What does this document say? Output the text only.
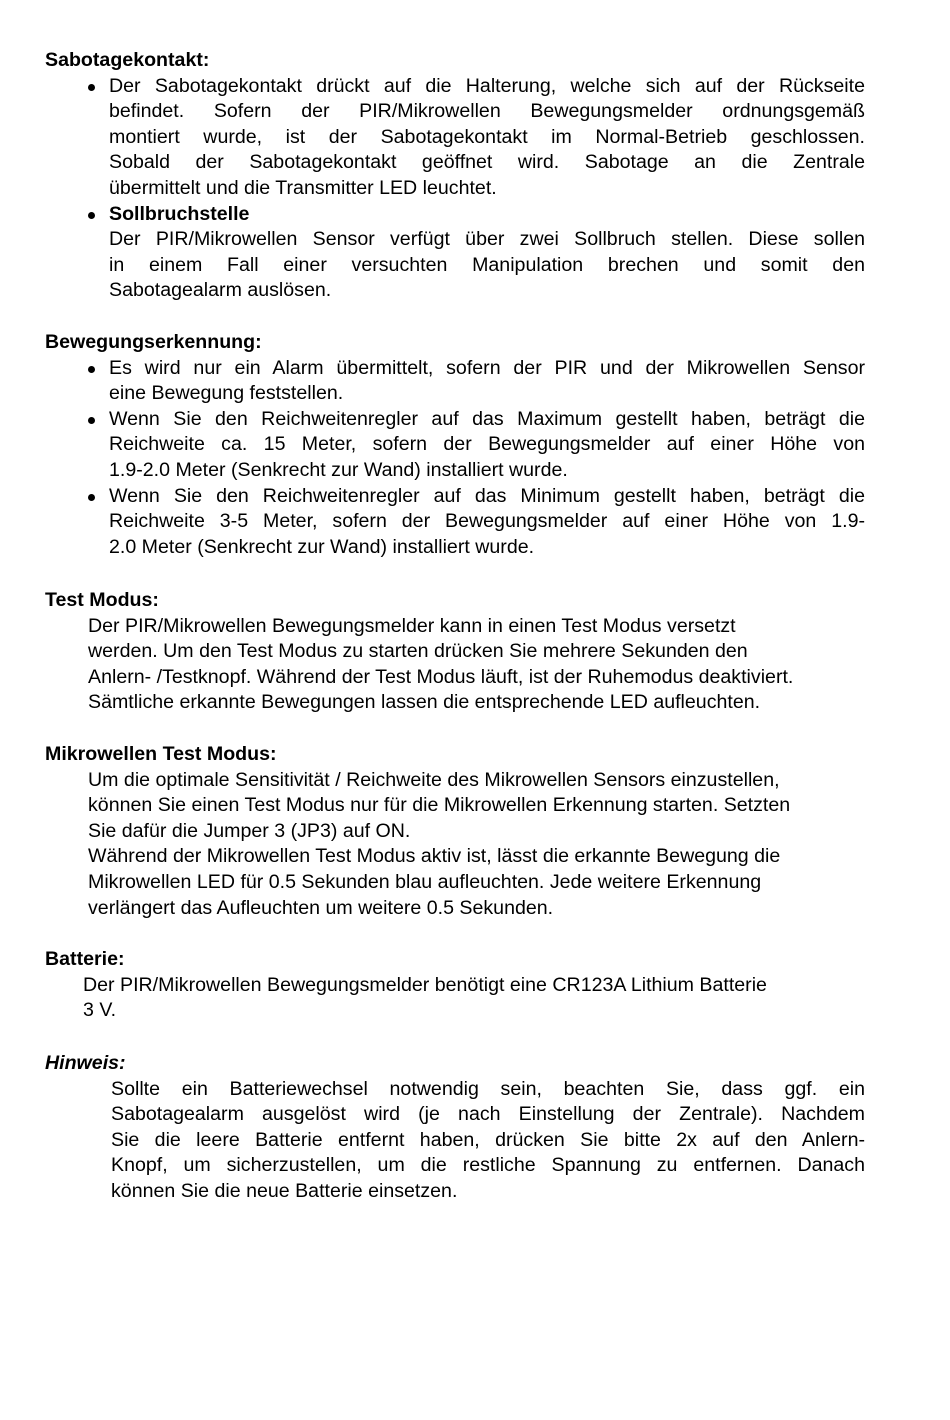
Sabotagekontakt:

Der Sabotagekontakt drückt auf die Halterung, welche sich auf der Rückseite
befindet. Sofern der PIR/Mikrowellen Bewegungsmelder ordnungsgemäß
montiert wurde, ist der Sabotagekontakt im Normal-Betrieb geschlossen.
Sobald der Sabotagekontakt geöffnet wird. Sabotage an die Zentrale
übermittelt und die Transmitter LED leuchtet.
Sollbruchstelle
Der PIR/Mikrowellen Sensor verfügt über zwei Sollbruch stellen. Diese sollen
in einem Fall einer versuchten Manipulation brechen und somit den
Sabotagealarm auslösen.

Bewegungserkennung:

Es wird nur ein Alarm übermittelt, sofern der PIR und der Mikrowellen Sensor
eine Bewegung feststellen.
Wenn Sie den Reichweitenregler auf das Maximum gestellt haben, beträgt die
Reichweite ca. 15 Meter, sofern der Bewegungsmelder auf einer Höhe von
1.9-2.0 Meter (Senkrecht zur Wand) installiert wurde.
Wenn Sie den Reichweitenregler auf das Minimum gestellt haben, beträgt die
Reichweite 3-5 Meter, sofern der Bewegungsmelder auf einer Höhe von 1.9-
2.0 Meter (Senkrecht zur Wand) installiert wurde.

Test Modus:

Der PIR/Mikrowellen Bewegungsmelder kann in einen Test Modus versetzt
werden. Um den Test Modus zu starten drücken Sie mehrere Sekunden den
Anlern- /Testknopf. Während der Test Modus läuft, ist der Ruhemodus deaktiviert.
Sämtliche erkannte Bewegungen lassen die entsprechende LED aufleuchten.

Mikrowellen Test Modus:

Um die optimale Sensitivität / Reichweite des Mikrowellen Sensors einzustellen,
können Sie einen Test Modus nur für die Mikrowellen Erkennung starten. Setzten
Sie dafür die Jumper 3 (JP3) auf ON.
Während der Mikrowellen Test Modus aktiv ist, lässt die erkannte Bewegung die
Mikrowellen LED für 0.5 Sekunden blau aufleuchten. Jede weitere Erkennung
verlängert das Aufleuchten um weitere 0.5 Sekunden.

Batterie:

Der PIR/Mikrowellen Bewegungsmelder benötigt eine CR123A Lithium Batterie
3 V.

Hinweis:

Sollte ein Batteriewechsel notwendig sein, beachten Sie, dass ggf. ein
Sabotagealarm ausgelöst wird (je nach Einstellung der Zentrale). Nachdem
Sie die leere Batterie entfernt haben, drücken Sie bitte 2x auf den Anlern-
Knopf, um sicherzustellen, um die restliche Spannung zu entfernen. Danach
können Sie die neue Batterie einsetzen.
